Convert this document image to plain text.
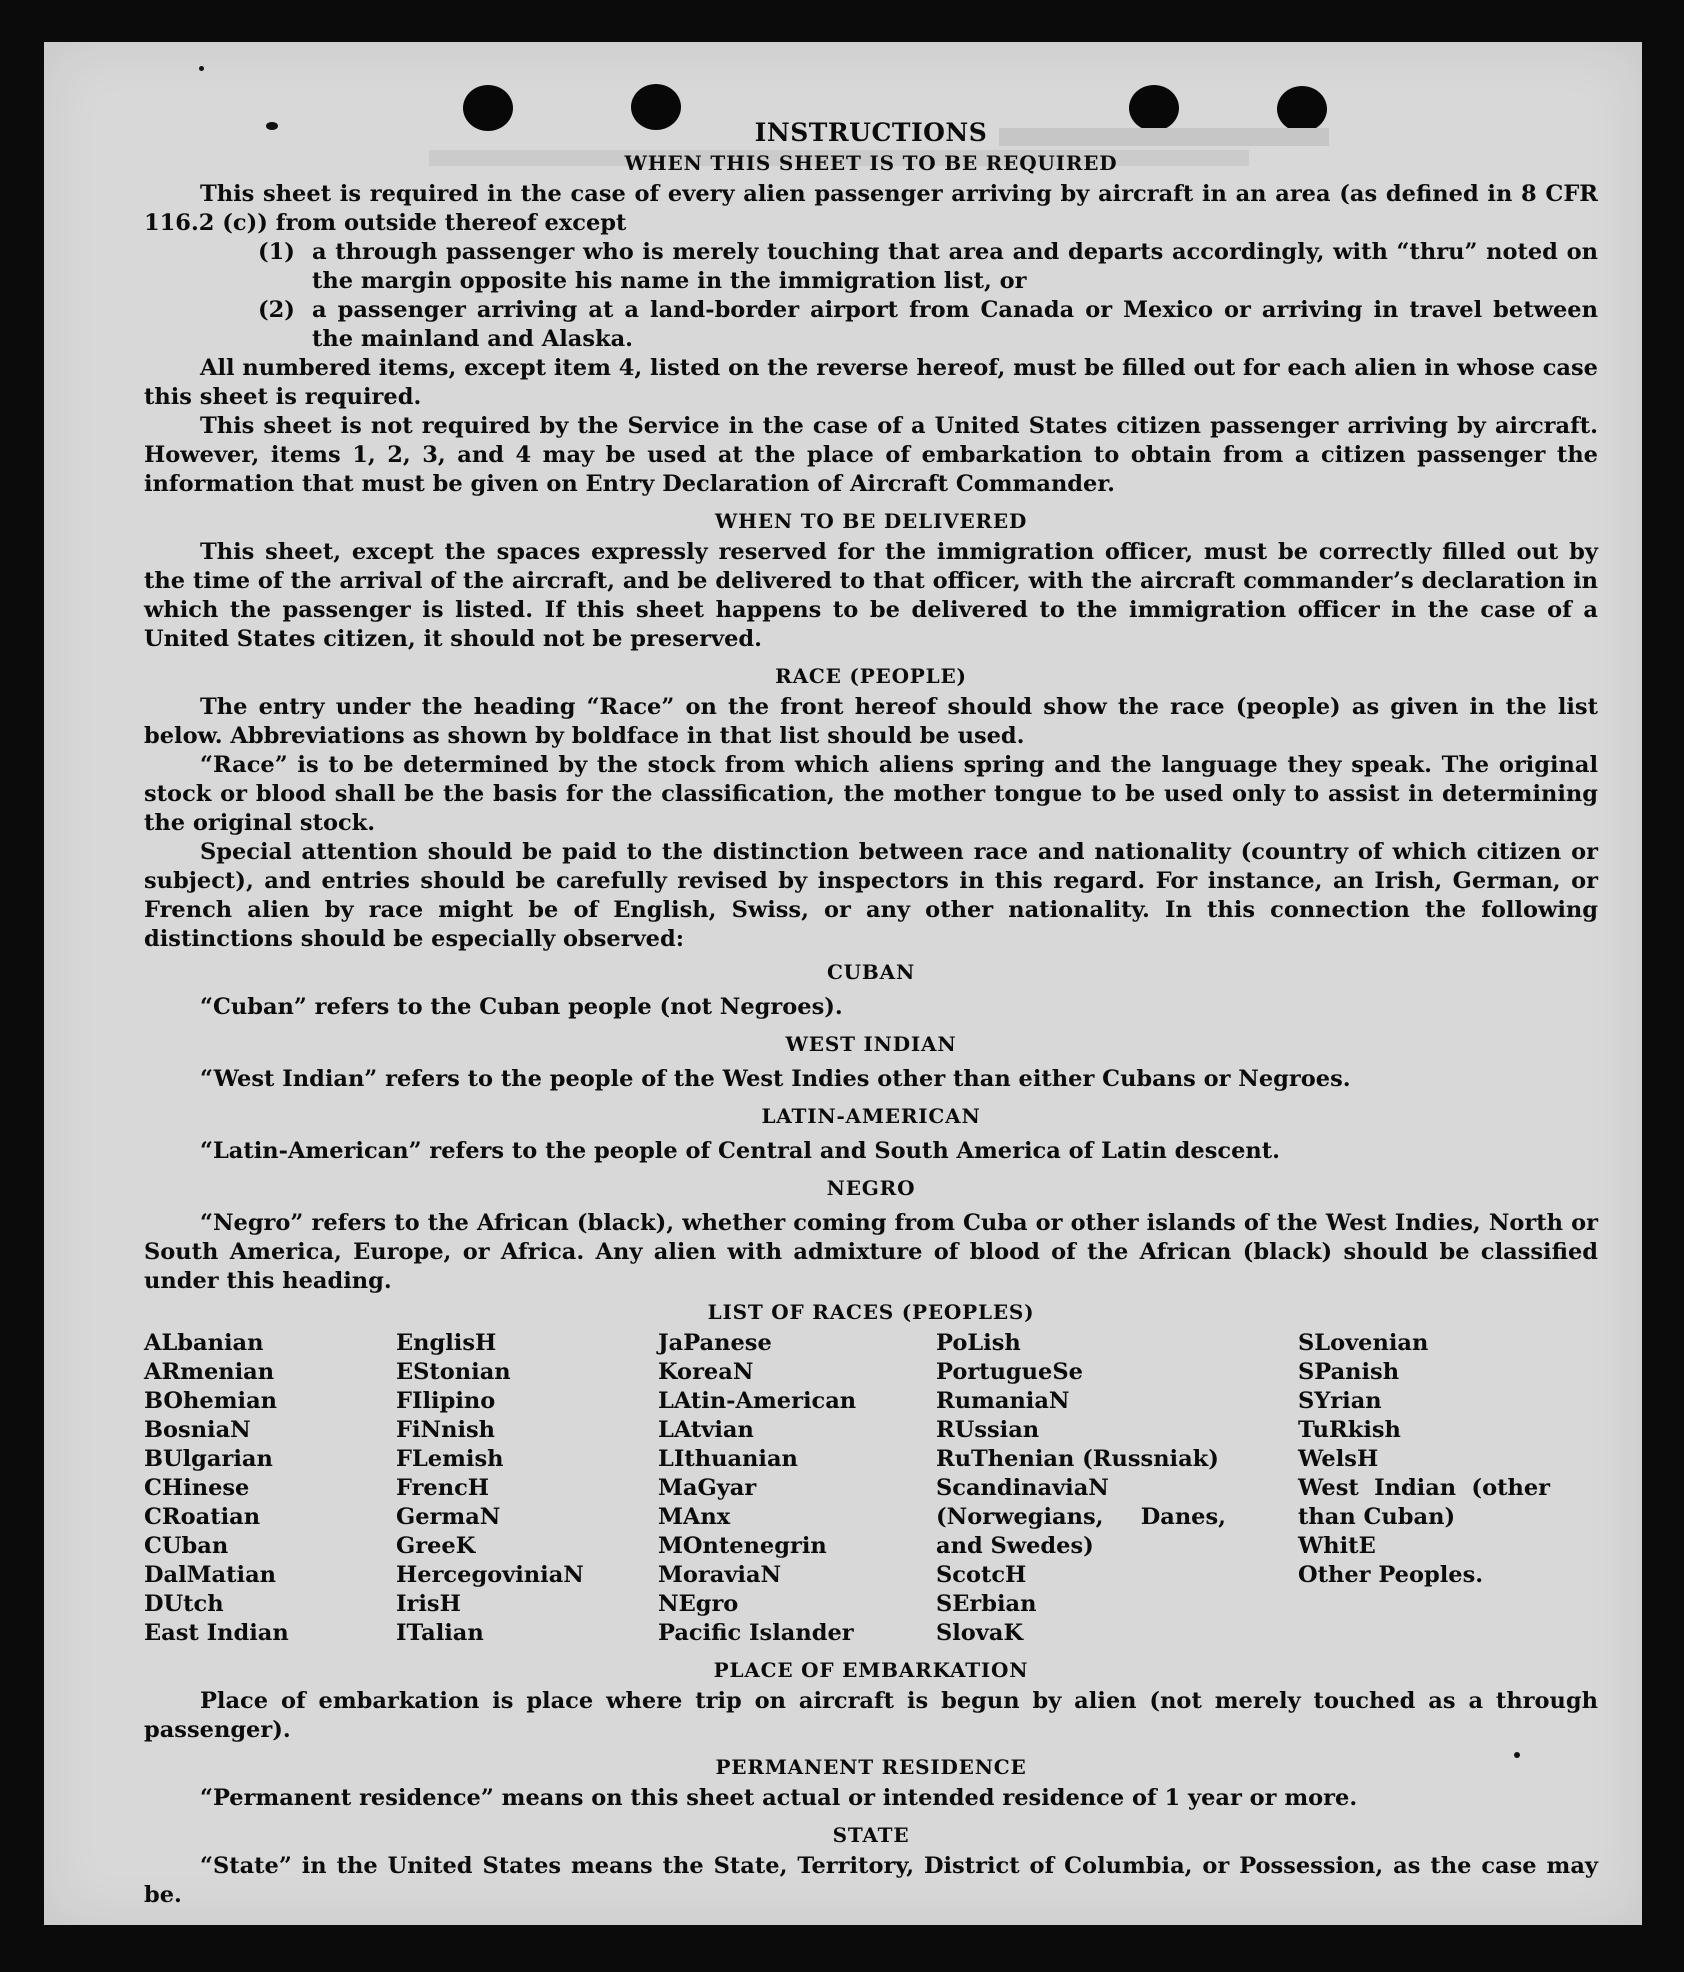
INSTRUCTIONS
WHEN THIS SHEET IS TO BE REQUIRED

This sheet is required in the case of every alien passenger arriving by aircraft in an area (as defined in 8 CFR 116.2 (c)) from outside thereof except

(1) a through passenger who is merely touching that area and departs accordingly, with “thru” noted on the margin opposite his name in the immigration list, or
(2) a passenger arriving at a land-border airport from Canada or Mexico or arriving in travel between the mainland and Alaska.

All numbered items, except item 4, listed on the reverse hereof, must be filled out for each alien in whose case this sheet is required.

This sheet is not required by the Service in the case of a United States citizen passenger arriving by aircraft. However, items 1, 2, 3, and 4 may be used at the place of embarkation to obtain from a citizen passenger the information that must be given on Entry Declaration of Aircraft Commander.

WHEN TO BE DELIVERED

This sheet, except the spaces expressly reserved for the immigration officer, must be correctly filled out by the time of the arrival of the aircraft, and be delivered to that officer, with the aircraft commander’s declaration in which the passenger is listed. If this sheet happens to be delivered to the immigration officer in the case of a United States citizen, it should not be preserved.

RACE (PEOPLE)

The entry under the heading “Race” on the front hereof should show the race (people) as given in the list below. Abbreviations as shown by boldface in that list should be used.

“Race” is to be determined by the stock from which aliens spring and the language they speak. The original stock or blood shall be the basis for the classification, the mother tongue to be used only to assist in determining the original stock.

Special attention should be paid to the distinction between race and nationality (country of which citizen or subject), and entries should be carefully revised by inspectors in this regard. For instance, an Irish, German, or French alien by race might be of English, Swiss, or any other nationality. In this connection the following distinctions should be especially observed:

CUBAN

“Cuban” refers to the Cuban people (not Negroes).

WEST INDIAN

“West Indian” refers to the people of the West Indies other than either Cubans or Negroes.

LATIN-AMERICAN

“Latin-American” refers to the people of Central and South America of Latin descent.

NEGRO

“Negro” refers to the African (black), whether coming from Cuba or other islands of the West Indies, North or South America, Europe, or Africa. Any alien with admixture of blood of the African (black) should be classified under this heading.

LIST OF RACES (PEOPLES)
ALbanian
ARmenian
BOhemian
BosniaN
BUlgarian
CHinese
CRoatian
CUban
DalMatian
DUtch
East Indian
EnglisH
EStonian
FIlipino
FiNnish
FLemish
FrencH
GermaN
GreeK
HercegoviniaN
IrisH
ITalian
JaPanese
KoreaN
LAtin-American
LAtvian
LIthuanian
MaGyar
MAnx
MOntenegrin
MoraviaN
NEgro
Pacific Islander
PoLish
PortugueSe
RumaniaN
RUssian
RuThenian (Russniak)
ScandinaviaN (Norwegians, Danes, and Swedes)
ScotcH
SErbian
SlovaK
SLovenian
SPanish
SYrian
TuRkish
WelsH
West Indian (other than Cuban)
WhitE
Other Peoples.
PLACE OF EMBARKATION

Place of embarkation is place where trip on aircraft is begun by alien (not merely touched as a through passenger).

PERMANENT RESIDENCE

“Permanent residence” means on this sheet actual or intended residence of 1 year or more.

STATE

“State” in the United States means the State, Territory, District of Columbia, or Possession, as the case may be.
